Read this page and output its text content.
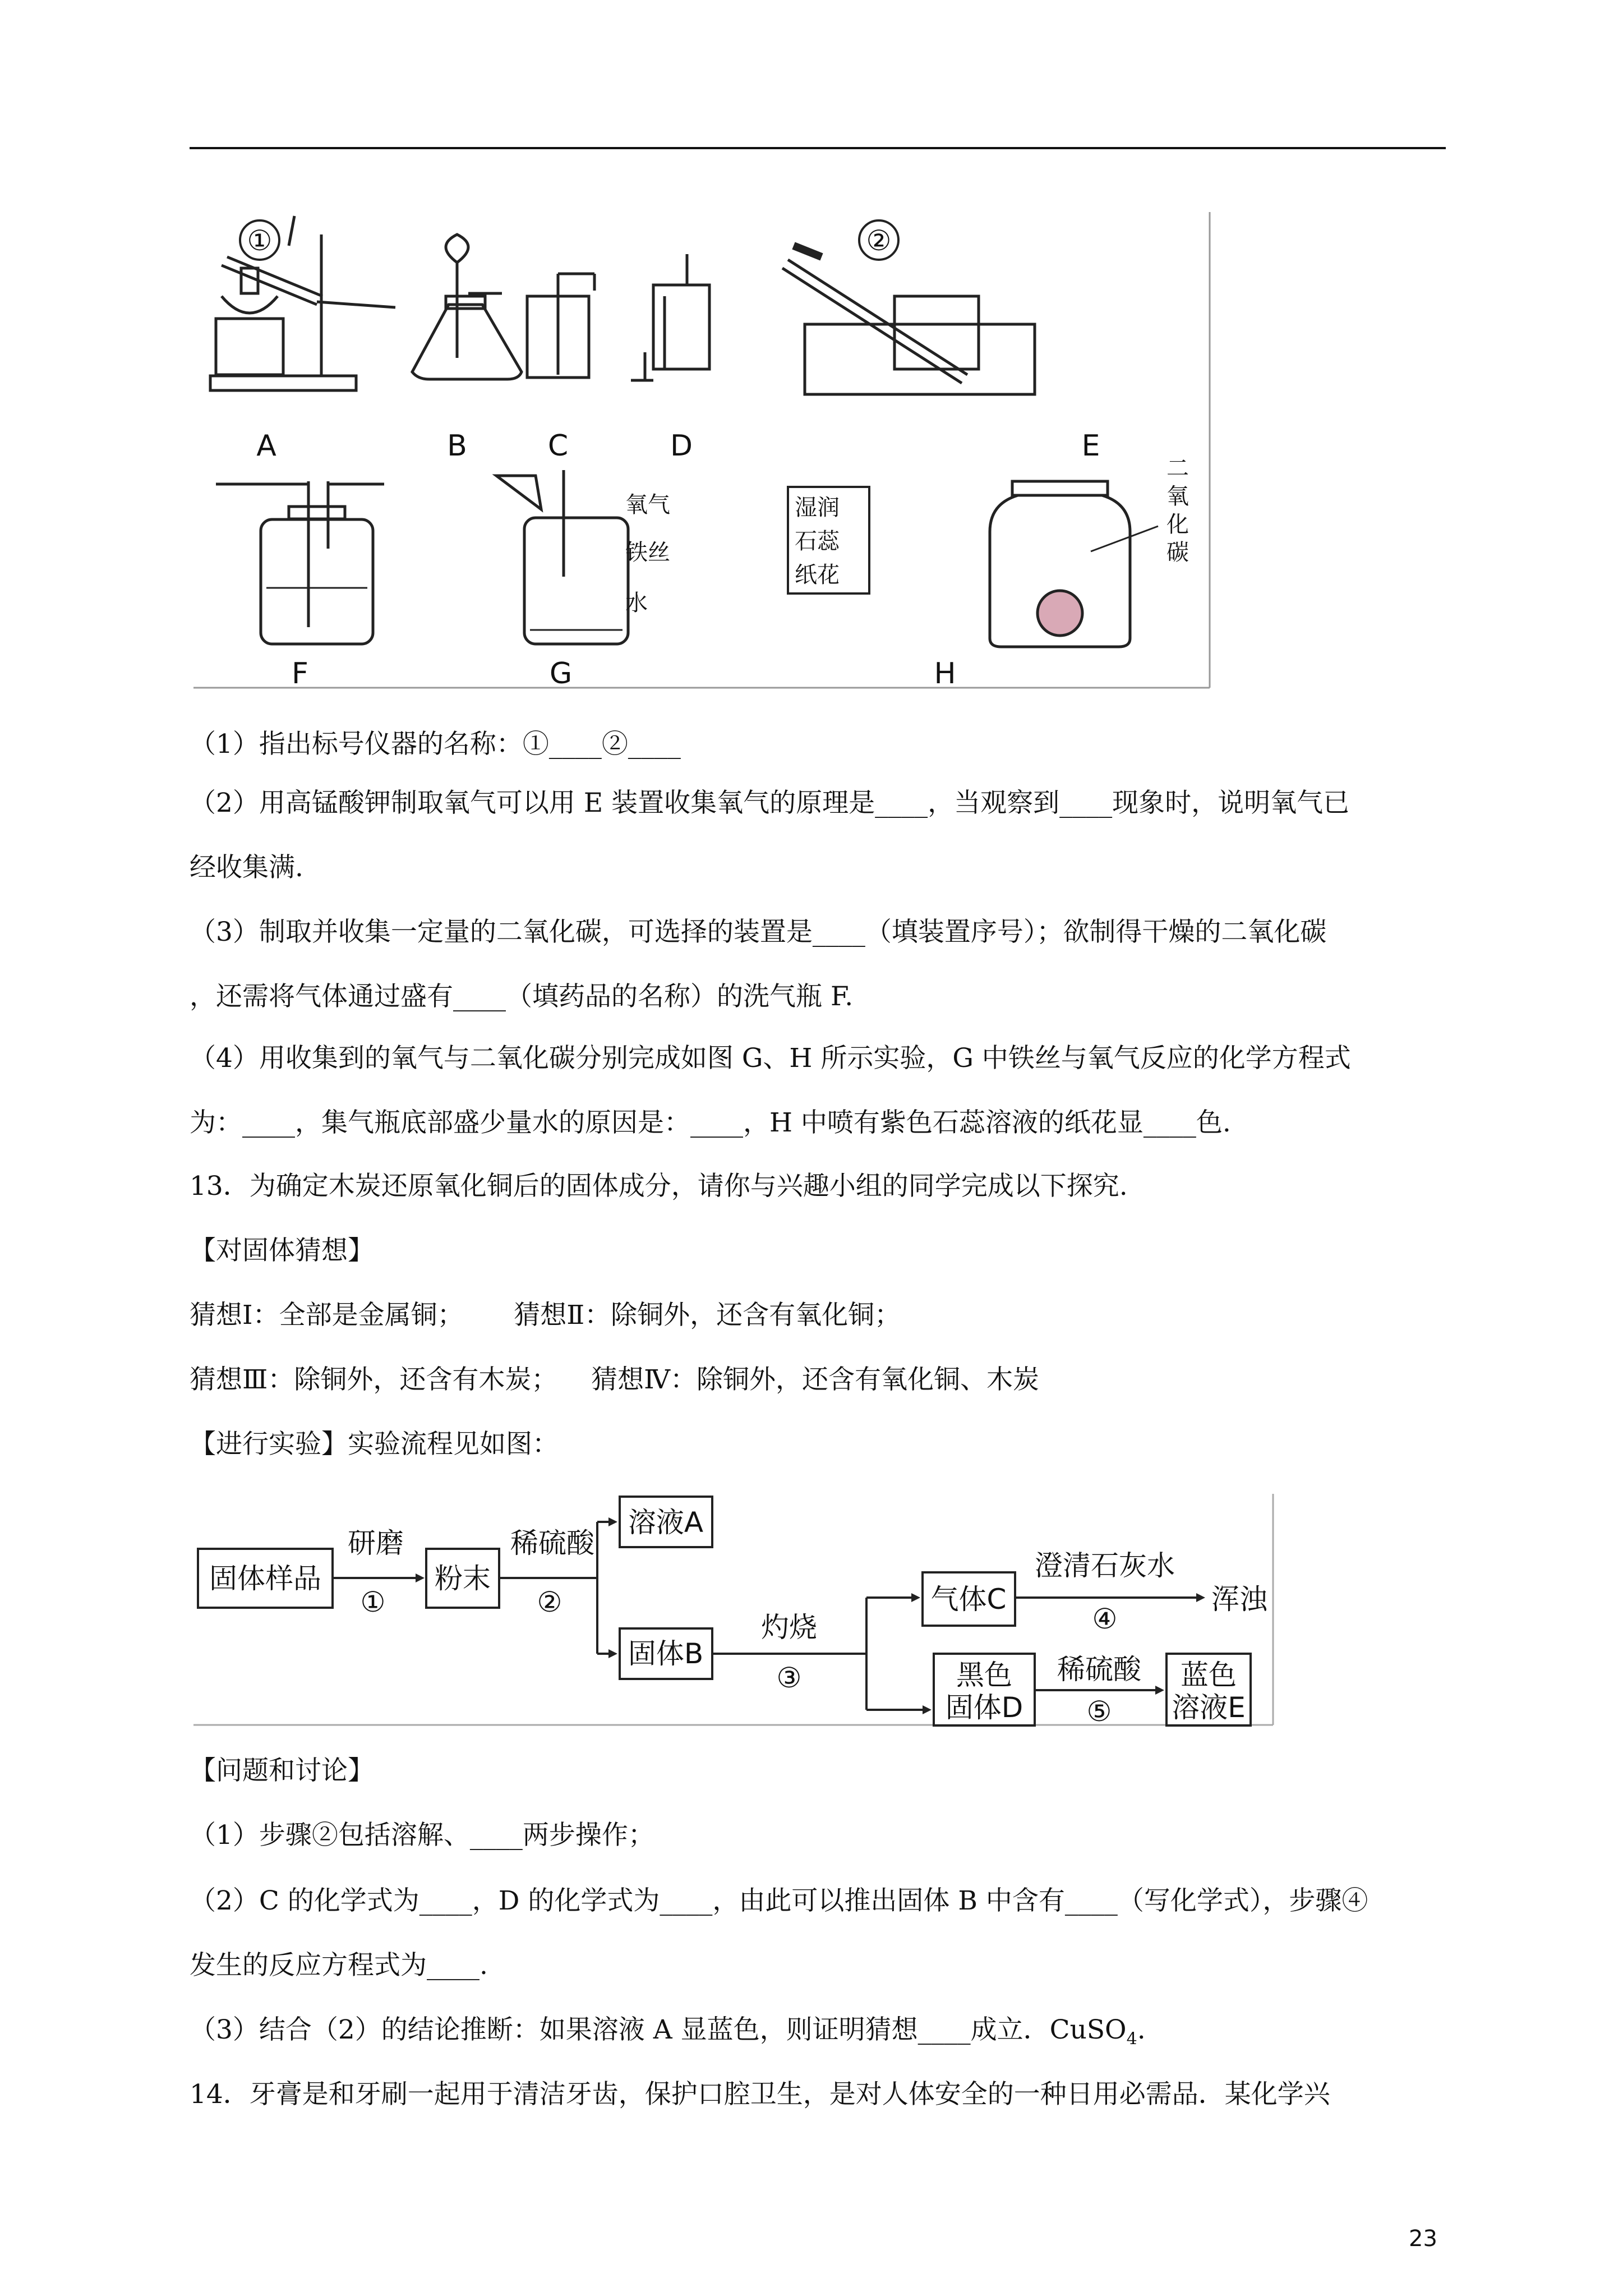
A	B	C	D	E
F	G	H
①	②
氧气
铁丝
水
湿润
石蕊
纸花
二
氧
化
碳
（1）指出标号仪器的名称：①____②____
（2）用高锰酸钾制取氧气可以用 E 装置收集氧气的原理是____，当观察到____现象时，说明氧气已
经收集满.
（3）制取并收集一定量的二氧化碳，可选择的装置是____（填装置序号）；欲制得干燥的二氧化碳
，还需将气体通过盛有____（填药品的名称）的洗气瓶 F.
（4）用收集到的氧气与二氧化碳分别完成如图 G、H 所示实验，G 中铁丝与氧气反应的化学方程式
为：____，集气瓶底部盛少量水的原因是：____，H 中喷有紫色石蕊溶液的纸花显____色.
13．为确定木炭还原氧化铜后的固体成分，请你与兴趣小组的同学完成以下探究.
【对固体猜想】
猜想Ⅰ：全部是金属铜；      猜想Ⅱ：除铜外，还含有氧化铜；
猜想Ⅲ：除铜外，还含有木炭；    猜想Ⅳ：除铜外，还含有氧化铜、木炭
【进行实验】实验流程见如图：
固体样品
研磨
①
粉末
稀硫酸
②
溶液A
固体B
灼烧
③
气体C
澄清石灰水
④
浑浊
黑色
固体D
稀硫酸
⑤
蓝色
溶液E
【问题和讨论】
（1）步骤②包括溶解、____两步操作；
（2）C 的化学式为____，D 的化学式为____，由此可以推出固体 B 中含有____（写化学式），步骤④
发生的反应方程式为____.
（3）结合（2）的结论推断：如果溶液 A 显蓝色，则证明猜想____成立．CuSO$_4$.
14．牙膏是和牙刷一起用于清洁牙齿，保护口腔卫生，是对人体安全的一种日用必需品．某化学兴
23
